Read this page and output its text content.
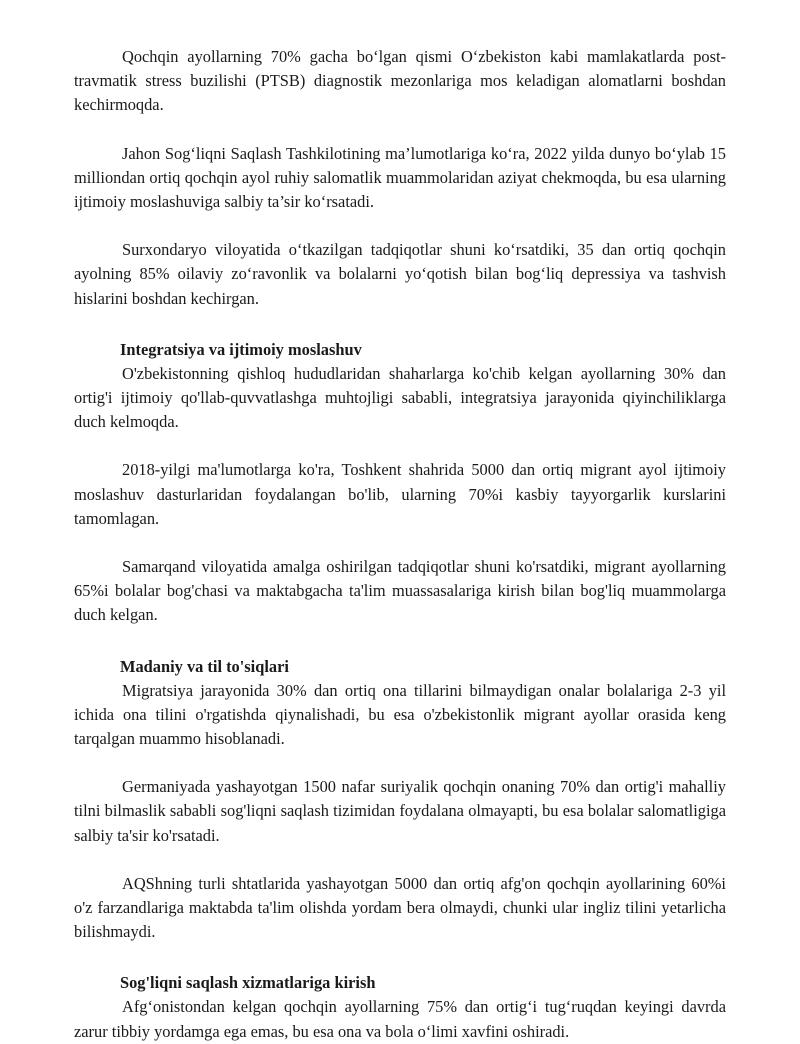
Qochqin ayollarning 70% gacha bo‘lgan qismi O‘zbekiston kabi mamlakatlarda post-travmatik stress buzilishi (PTSB) diagnostik mezonlariga mos keladigan alomatlarni boshdan kechirmoqda.

Jahon Sog‘liqni Saqlash Tashkilotining ma’lumotlariga ko‘ra, 2022 yilda dunyo bo‘ylab 15 milliondan ortiq qochqin ayol ruhiy salomatlik muammolaridan aziyat chekmoqda, bu esa ularning ijtimoiy moslashuviga salbiy ta’sir ko‘rsatadi.

Surxondaryo viloyatida o‘tkazilgan tadqiqotlar shuni ko‘rsatdiki, 35 dan ortiq qochqin ayolning 85% oilaviy zo‘ravonlik va bolalarni yo‘qotish bilan bog‘liq depressiya va tashvish hislarini boshdan kechirgan.

Integratsiya va ijtimoiy moslashuv

O'zbekistonning qishloq hududlaridan shaharlarga ko'chib kelgan ayollarning 30% dan ortig'i ijtimoiy qo'llab-quvvatlashga muhtojligi sababli, integratsiya jarayonida qiyinchiliklarga duch kelmoqda.

2018-yilgi ma'lumotlarga ko'ra, Toshkent shahrida 5000 dan ortiq migrant ayol ijtimoiy moslashuv dasturlaridan foydalangan bo'lib, ularning 70%i kasbiy tayyorgarlik kurslarini tamomlagan.

Samarqand viloyatida amalga oshirilgan tadqiqotlar shuni ko'rsatdiki, migrant ayollarning 65%i bolalar bog'chasi va maktabgacha ta'lim muassasalariga kirish bilan bog'liq muammolarga duch kelgan.

Madaniy va til to'siqlari

Migratsiya jarayonida 30% dan ortiq ona tillarini bilmaydigan onalar bolalariga 2-3 yil ichida ona tilini o'rgatishda qiynalishadi, bu esa o'zbekistonlik migrant ayollar orasida keng tarqalgan muammo hisoblanadi.

Germaniyada yashayotgan 1500 nafar suriyalik qochqin onaning 70% dan ortig'i mahalliy tilni bilmaslik sababli sog'liqni saqlash tizimidan foydalana olmayapti, bu esa bolalar salomatligiga salbiy ta'sir ko'rsatadi.

AQShning turli shtatlarida yashayotgan 5000 dan ortiq afg'on qochqin ayollarining 60%i o'z farzandlariga maktabda ta'lim olishda yordam bera olmaydi, chunki ular ingliz tilini yetarlicha bilishmaydi.

Sog'liqni saqlash xizmatlariga kirish

Afg‘onistondan kelgan qochqin ayollarning 75% dan ortig‘i tug‘ruqdan keyingi davrda zarur tibbiy yordamga ega emas, bu esa ona va bola o‘limi xavfini oshiradi.
